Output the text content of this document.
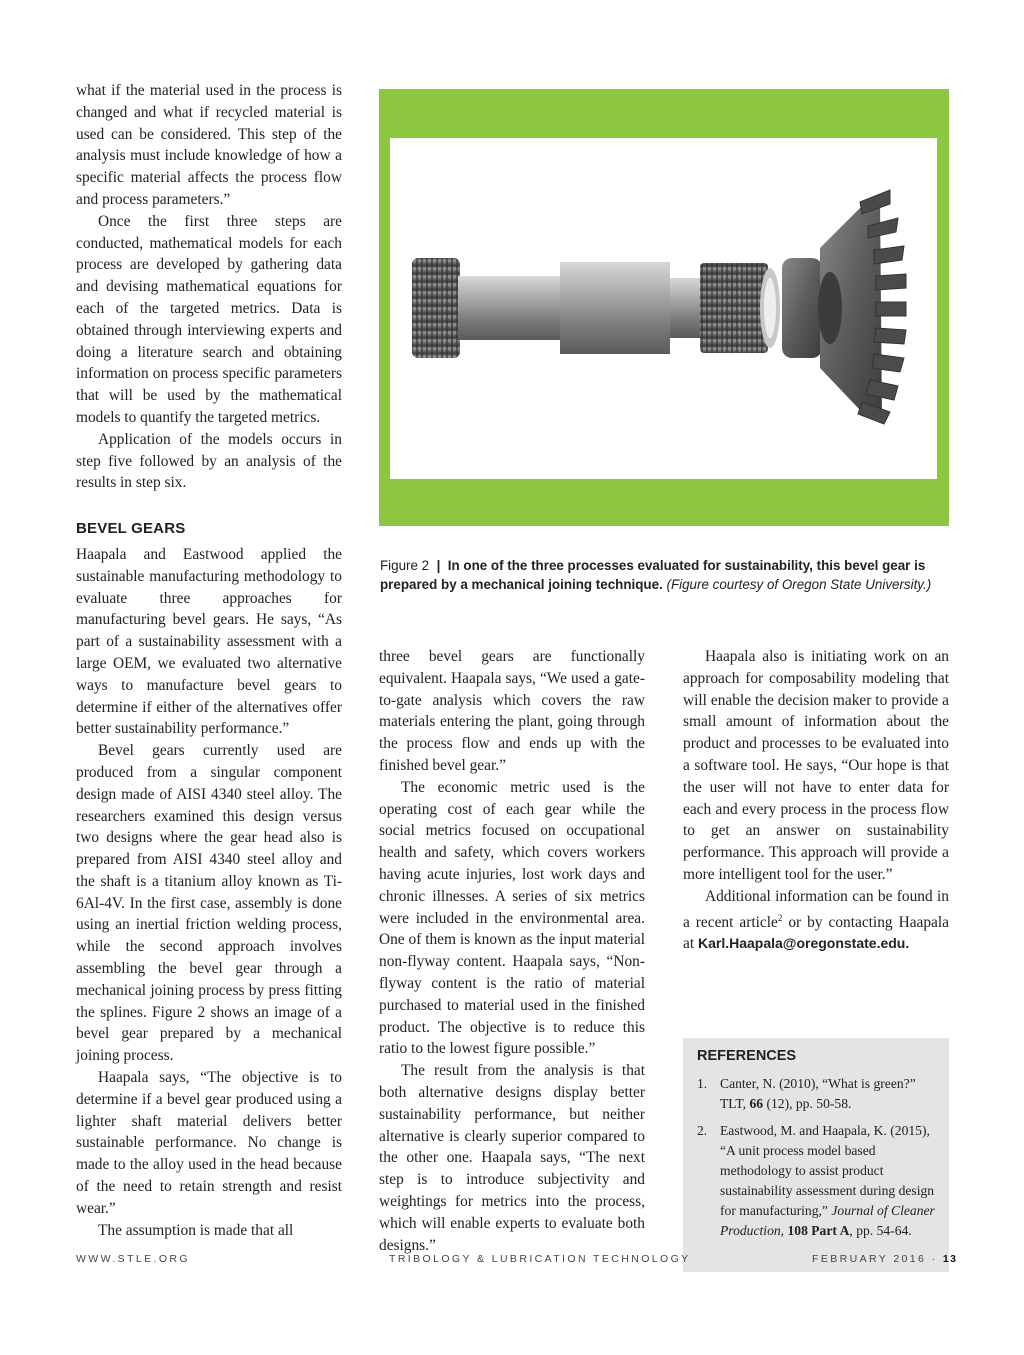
what if the material used in the process is changed and what if recycled material is used can be considered. This step of the analysis must include knowledge of how a specific material affects the process flow and process parameters.”

Once the first three steps are conducted, mathematical models for each process are developed by gathering data and devising mathematical equations for each of the targeted metrics. Data is obtained through interviewing experts and doing a literature search and obtaining information on process specific parameters that will be used by the mathematical models to quantify the targeted metrics.

Application of the models occurs in step five followed by an analysis of the results in step six.

BEVEL GEARS

Haapala and Eastwood applied the sustainable manufacturing methodology to evaluate three approaches for manufacturing bevel gears. He says, “As part of a sustainability assessment with a large OEM, we evaluated two alternative ways to manufacture bevel gears to determine if either of the alternatives offer better sustainability performance.”

Bevel gears currently used are produced from a singular component design made of AISI 4340 steel alloy. The researchers examined this design versus two designs where the gear head also is prepared from AISI 4340 steel alloy and the shaft is a titanium alloy known as Ti-6Al-4V. In the first case, assembly is done using an inertial friction welding process, while the second approach involves assembling the bevel gear through a mechanical joining process by press fitting the splines. Figure 2 shows an image of a bevel gear prepared by a mechanical joining process.

Haapala says, “The objective is to determine if a bevel gear produced using a lighter shaft material delivers better sustainable performance. No change is made to the alloy used in the head because of the need to retain strength and resist wear.”

The assumption is made that all

Figure 2  |  In one of the three processes evaluated for sustainability, this bevel gear is prepared by a mechanical joining technique. (Figure courtesy of Oregon State University.)

three bevel gears are functionally equivalent. Haapala says, “We used a gate-to-gate analysis which covers the raw materials entering the plant, going through the process flow and ends up with the finished bevel gear.”

The economic metric used is the operating cost of each gear while the social metrics focused on occupational health and safety, which covers workers having acute injuries, lost work days and chronic illnesses. A series of six metrics were included in the environmental area. One of them is known as the input material non-flyway content. Haapala says, “Non-flyway content is the ratio of material purchased to material used in the finished product. The objective is to reduce this ratio to the lowest figure possible.”

The result from the analysis is that both alternative designs display better sustainability performance, but neither alternative is clearly superior compared to the other one. Haapala says, “The next step is to introduce subjectivity and weightings for metrics into the process, which will enable experts to evaluate both designs.”

Haapala also is initiating work on an approach for composability modeling that will enable the decision maker to provide a small amount of information about the product and processes to be evaluated into a software tool. He says, “Our hope is that the user will not have to enter data for each and every process in the process flow to get an answer on sustainability performance. This approach will provide a more intelligent tool for the user.”

Additional information can be found in a recent article$^2$ or by contacting Haapala at Karl.Haapala@oregonstate.edu.

REFERENCES
1. Canter, N. (2010), “What is green?” TLT, 66 (12), pp. 50-58.
2. Eastwood, M. and Haapala, K. (2015), “A unit process model based methodology to assist product sustainability assessment during design for manufacturing,” Journal of Cleaner Production, 108 Part A, pp. 54-64.
WWW.STLE.ORG	TRIBOLOGY & LUBRICATION TECHNOLOGY	FEBRUARY 2016 · 13
